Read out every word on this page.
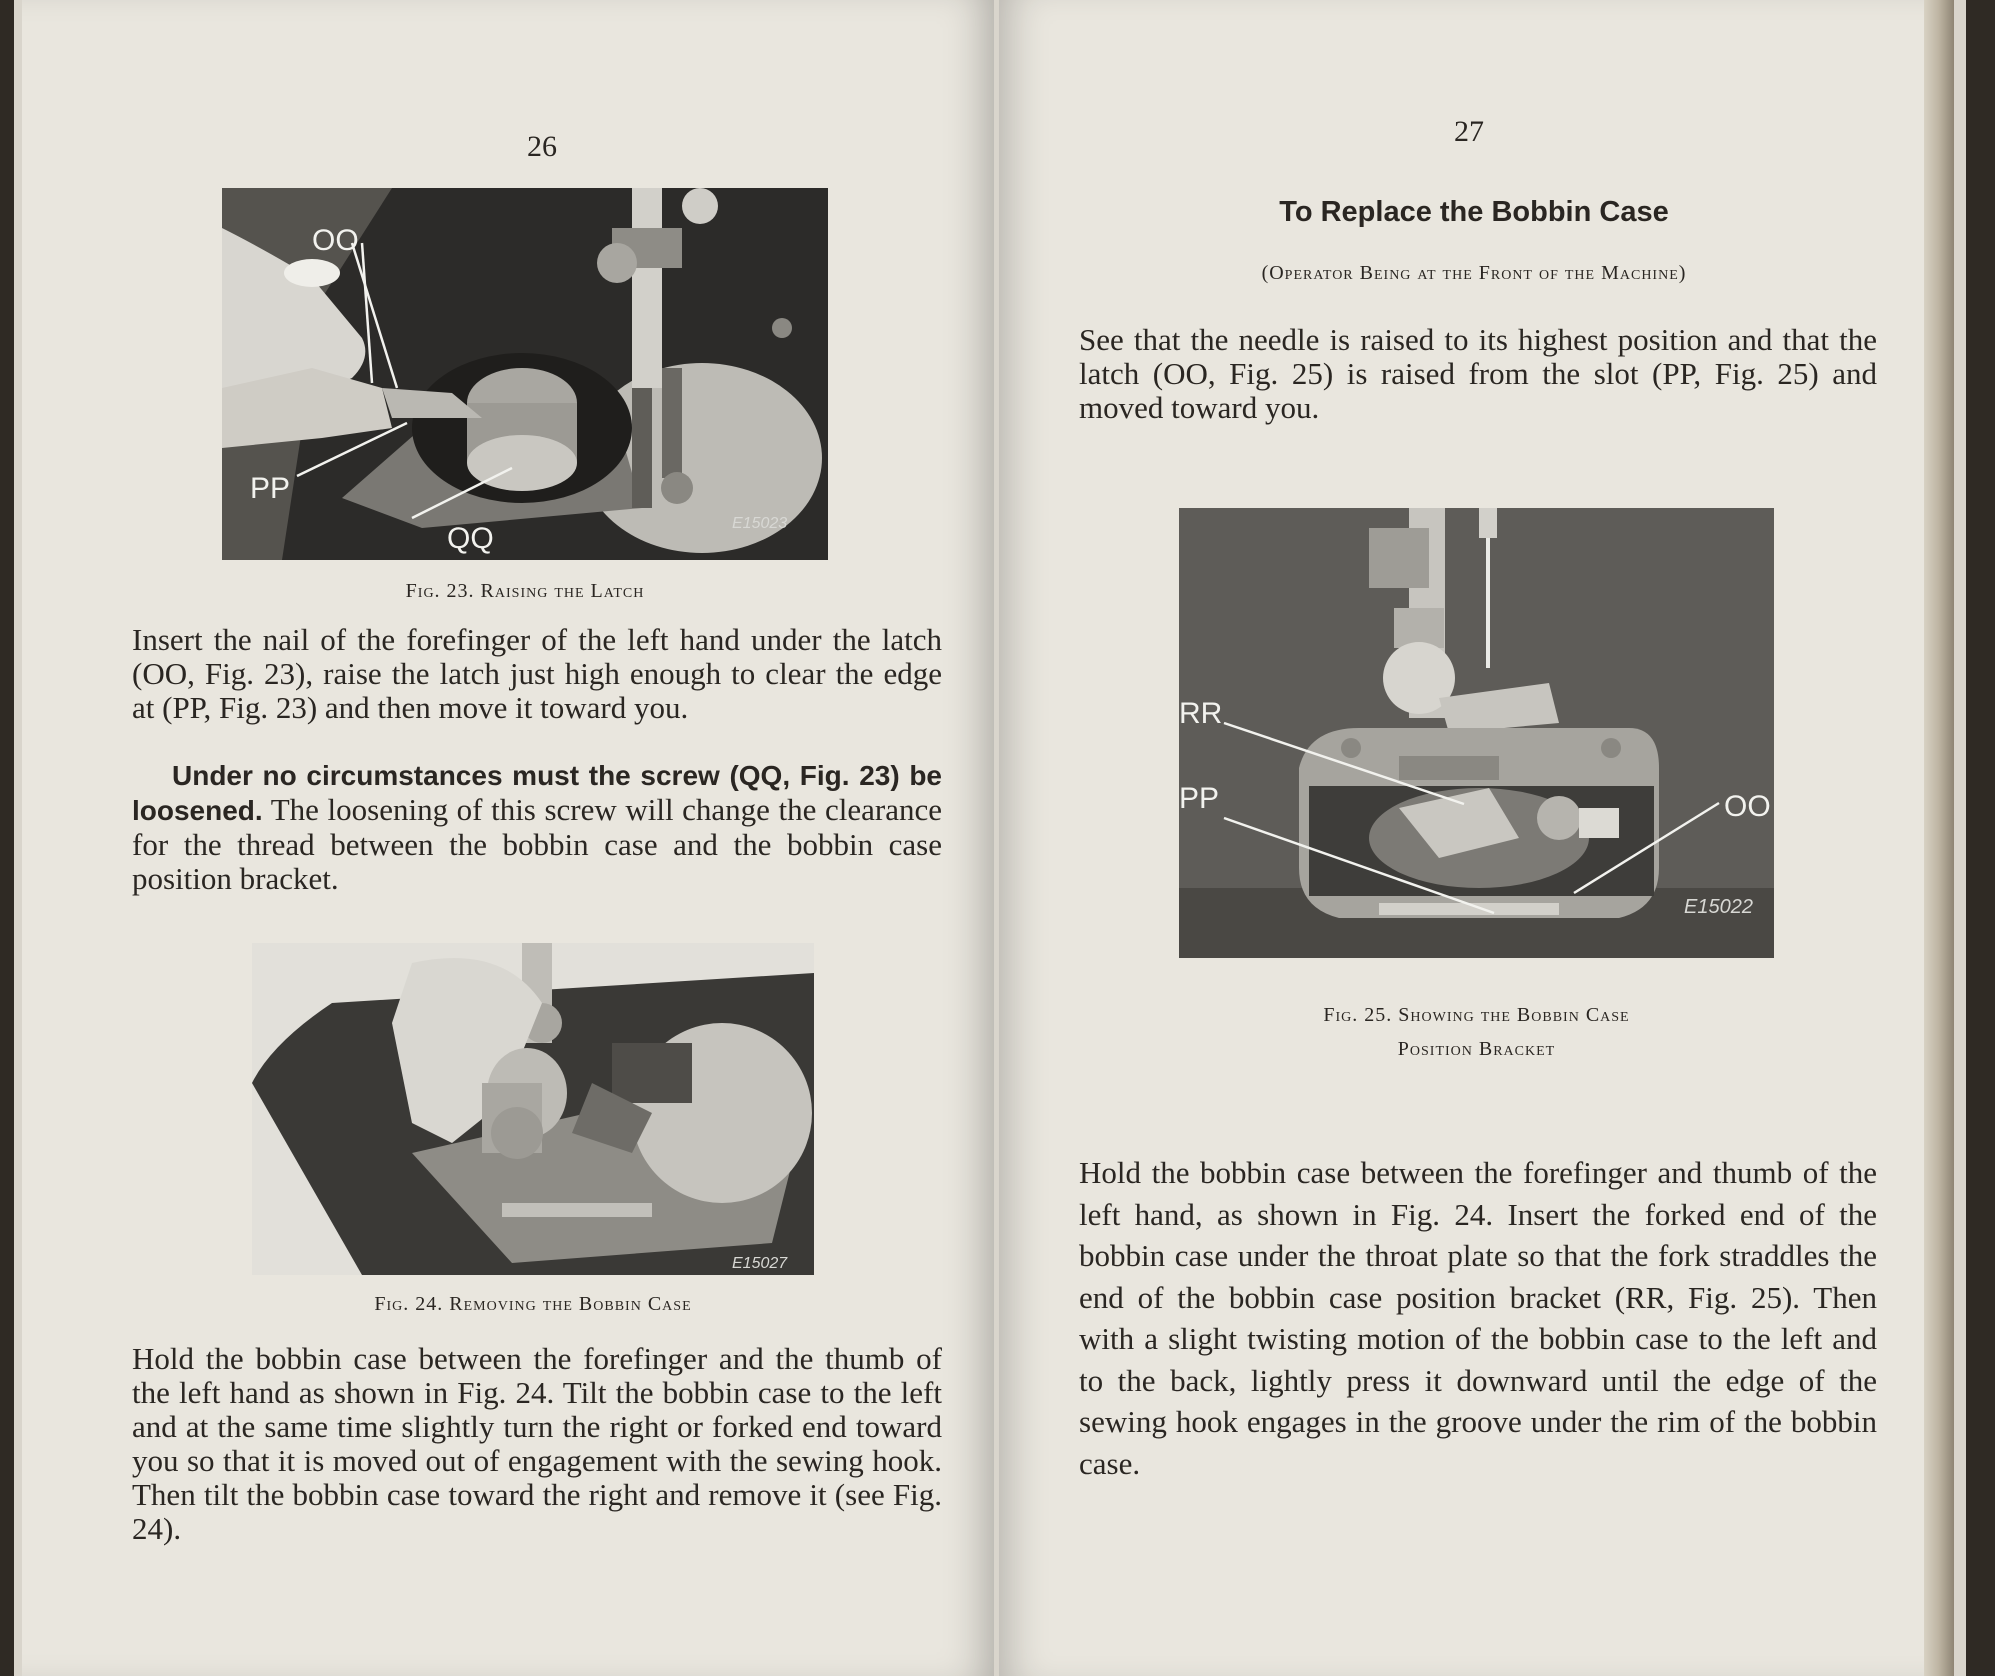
26
OO
PP
QQ	E15023
Fig. 23. Raising the Latch

Insert the nail of the forefinger of the left hand under the latch (OO, Fig. 23), raise the latch just high enough to clear the edge at (PP, Fig. 23) and then move it toward you.

Under no circumstances must the screw (QQ, Fig. 23) be loosened. The loosening of this screw will change the clearance for the thread between the bobbin case and the bobbin case position bracket.

E15027
Fig. 24. Removing the Bobbin Case

Hold the bobbin case between the forefinger and the thumb of the left hand as shown in Fig. 24. Tilt the bobbin case to the left and at the same time slightly turn the right or forked end toward you so that it is moved out of engagement with the sewing hook. Then tilt the bobbin case toward the right and remove it (see Fig. 24).

27
To Replace the Bobbin Case
(Operator Being at the Front of the Machine)

See that the needle is raised to its highest position and that the latch (OO, Fig. 25) is raised from the slot (PP, Fig. 25) and moved toward you.

RR
PP	OO
E15022
Fig. 25. Showing the Bobbin Case
Position Bracket

Hold the bobbin case between the forefinger and thumb of the left hand, as shown in Fig. 24. Insert the forked end of the bobbin case under the throat plate so that the fork straddles the end of the bobbin case position bracket (RR, Fig. 25). Then with a slight twisting motion of the bobbin case to the left and to the back, lightly press it downward until the edge of the sewing hook engages in the groove under the rim of the bobbin case.
